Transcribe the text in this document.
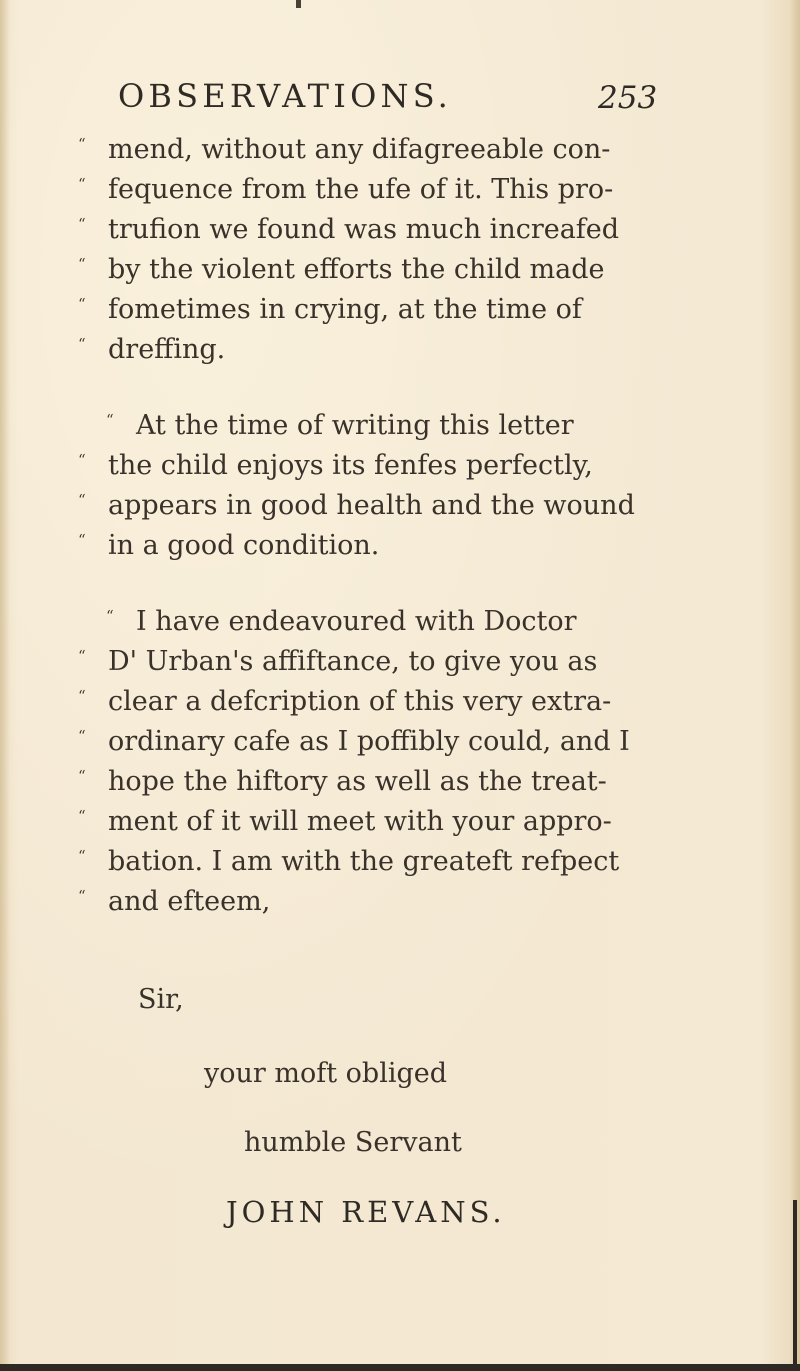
OBSERVATIONS.	253
“ mend, without any difagreeable con-
“ fequence from the ufe of it. This pro-
“ trufion we found was much increafed
“ by the violent efforts the child made
“ fometimes in crying, at the time of
“ dreffing.
“ At the time of writing this letter
“ the child enjoys its fenfes perfectly,
“ appears in good health and the wound
“ in a good condition.
“ I have endeavoured with Doctor
“ D' Urban's affiftance, to give you as
“ clear a defcription of this very extra-
“ ordinary cafe as I poffibly could, and I
“ hope the hiftory as well as the treat-
“ ment of it will meet with your appro-
“ bation. I am with the greateft refpect
“ and efteem,
Sir,
your moft obliged
humble Servant
JOHN REVANS.
